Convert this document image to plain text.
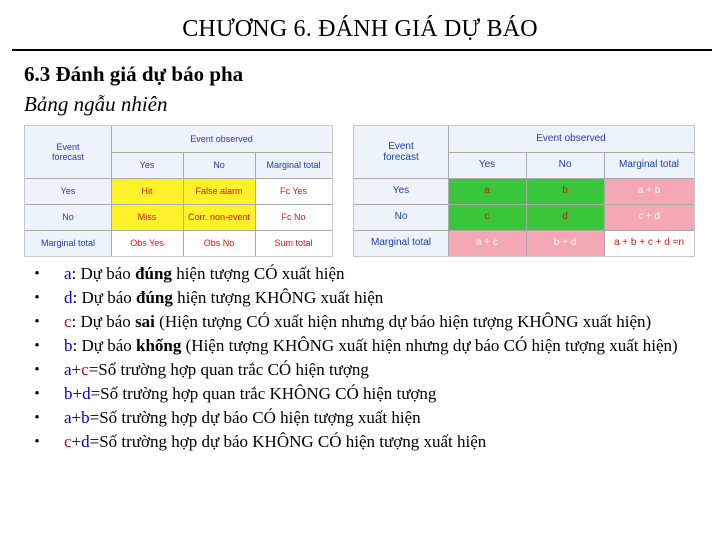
CHƯƠNG 6. ĐÁNH GIÁ DỰ BÁO
6.3 Đánh giá dự báo pha
Bảng ngẫu nhiên
Event
forecast
Event observed
Yes	No	Marginal total
Yes	Hit	False alarm	Fc Yes
No	Miss	Corr. non-event	Fc No
Marginal total	Obs Yes	Obs No	Sum total
Event
forecast
Event observed
Yes	No	Marginal total
Yes	a	b	a + b
No	c	d	c + d
Marginal total	a + c	b + d	a + b + c + d =n
•	a: Dự báo đúng hiện tượng CÓ xuất hiện
•	d: Dự báo đúng hiện tượng KHÔNG xuất hiện
•	c: Dự báo sai (Hiện tượng CÓ xuất hiện nhưng dự báo hiện tượng KHÔNG xuất hiện)
•	b: Dự báo khống (Hiện tượng KHÔNG xuất hiện nhưng dự báo CÓ hiện tượng xuất hiện)
•	a+c=Số trường hợp quan trắc CÓ hiện tượng
•	b+d=Số trường hợp quan trắc KHÔNG CÓ hiện tượng
•	a+b=Số trường hợp dự báo CÓ hiện tượng xuất hiện
•	c+d=Số trường hợp dự báo KHÔNG CÓ hiện tượng xuất hiện
